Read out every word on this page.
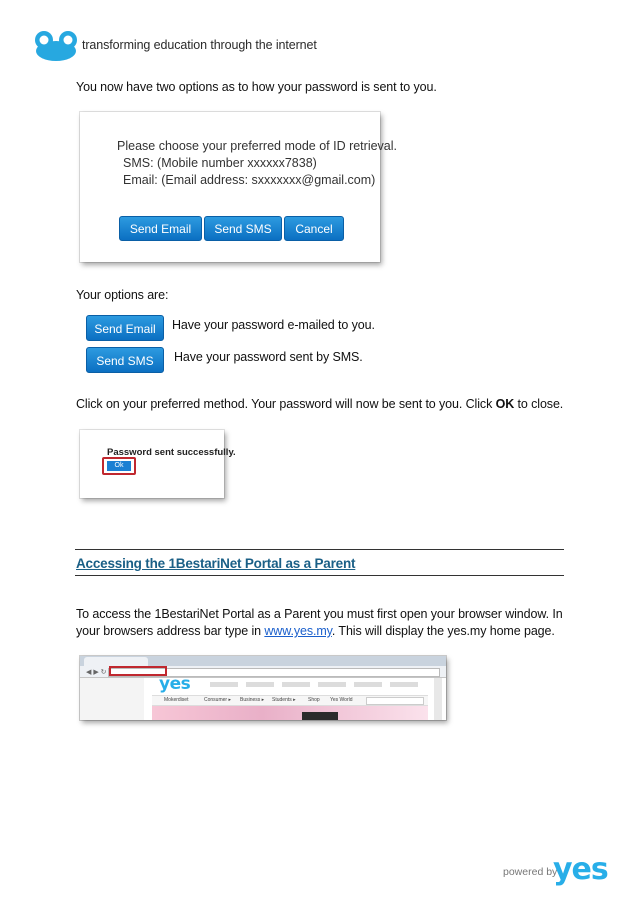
transforming education through the internet
You now have two options as to how your password is sent to you.
Please choose your preferred mode of ID retrieval.
SMS: (Mobile number xxxxxx7838)
Email: (Email address: sxxxxxxx@gmail.com)
Send Email	Send SMS	Cancel
Your options are:
Send Email	Have your password e-mailed to you.
Send SMS	Have your password sent by SMS.
Click on your preferred method. Your password will now be sent to you. Click OK to close.
Password sent successfully.
Ok
Accessing the 1BestariNet Portal as a Parent
To access the 1BestariNet Portal as a Parent you must first open your browser window. In your browsers address bar type in www.yes.my. This will display the yes.my home page.
◀ ▶ ↻
yes
Mokerdiset	Consumer ▸ Business ▸ Students ▸ Shop Yes World
powered by
yes
